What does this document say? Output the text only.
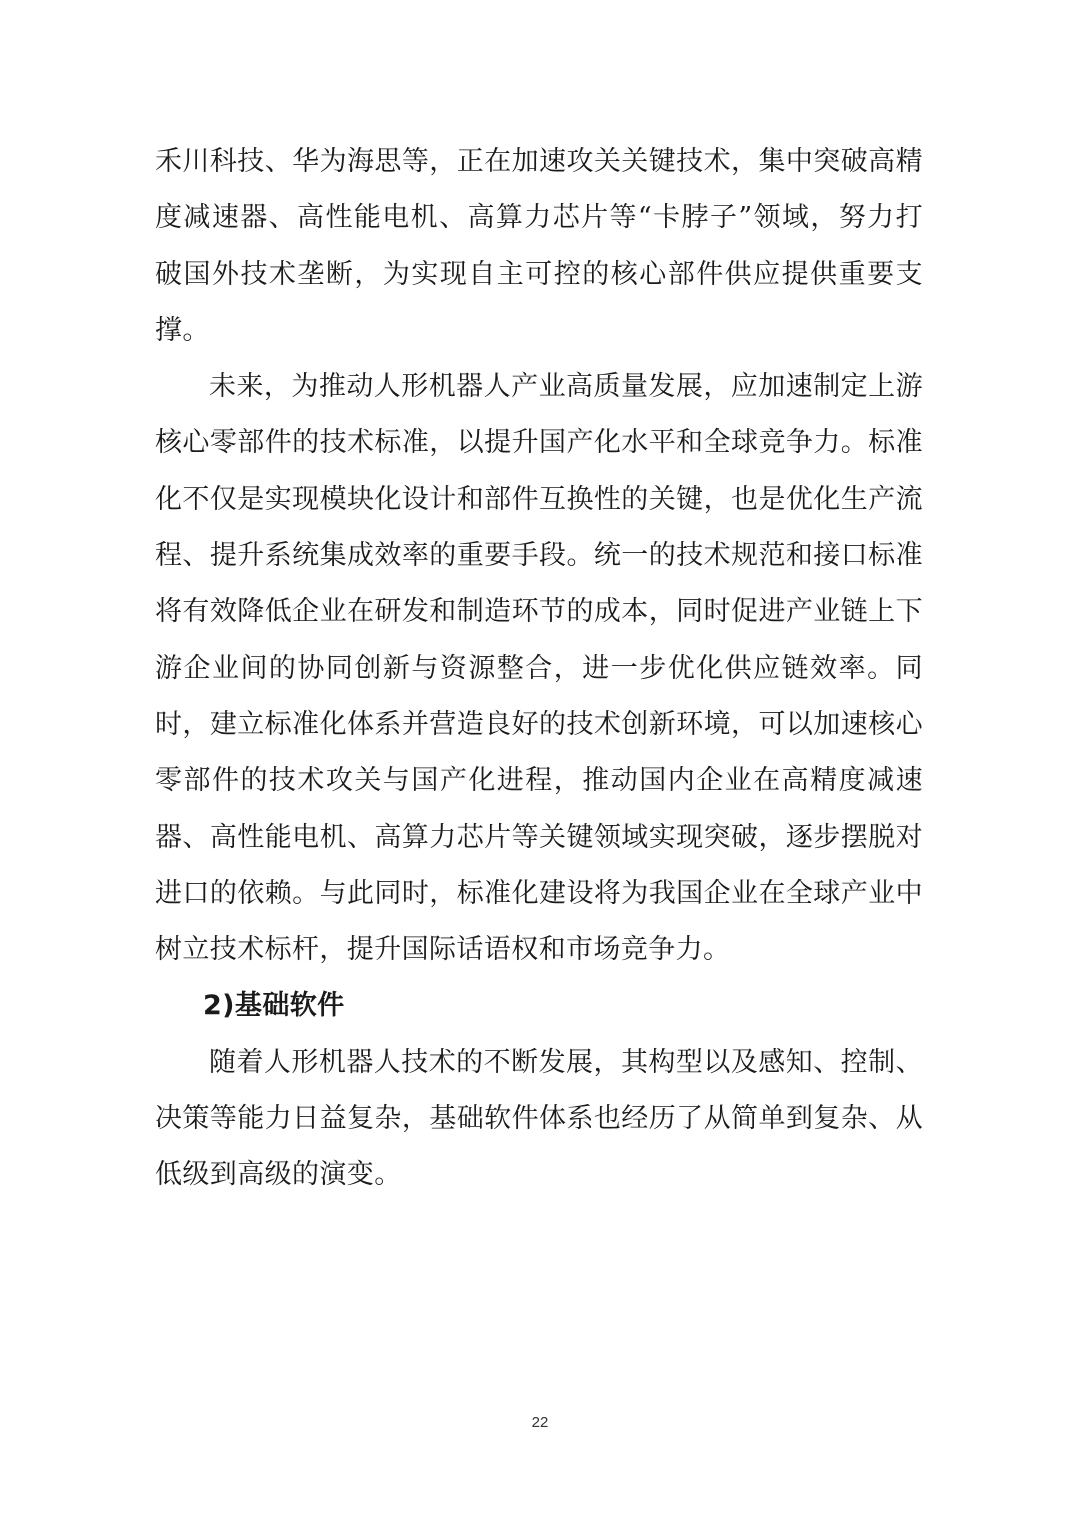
禾川科技、华为海思等，正在加速攻关关键技术，集中突破高精度减速器、高性能电机、高算力芯片等“卡脖子”领域，努力打破国外技术垄断，为实现自主可控的核心部件供应提供重要支撑。

未来，为推动人形机器人产业高质量发展，应加速制定上游核心零部件的技术标准，以提升国产化水平和全球竞争力。标准化不仅是实现模块化设计和部件互换性的关键，也是优化生产流程、提升系统集成效率的重要手段。统一的技术规范和接口标准将有效降低企业在研发和制造环节的成本，同时促进产业链上下游企业间的协同创新与资源整合，进一步优化供应链效率。同时，建立标准化体系并营造良好的技术创新环境，可以加速核心零部件的技术攻关与国产化进程，推动国内企业在高精度减速器、高性能电机、高算力芯片等关键领域实现突破，逐步摆脱对进口的依赖。与此同时，标准化建设将为我国企业在全球产业中树立技术标杆，提升国际话语权和市场竞争力。

2)基础软件

随着人形机器人技术的不断发展，其构型以及感知、控制、决策等能力日益复杂，基础软件体系也经历了从简单到复杂、从低级到高级的演变。

22
